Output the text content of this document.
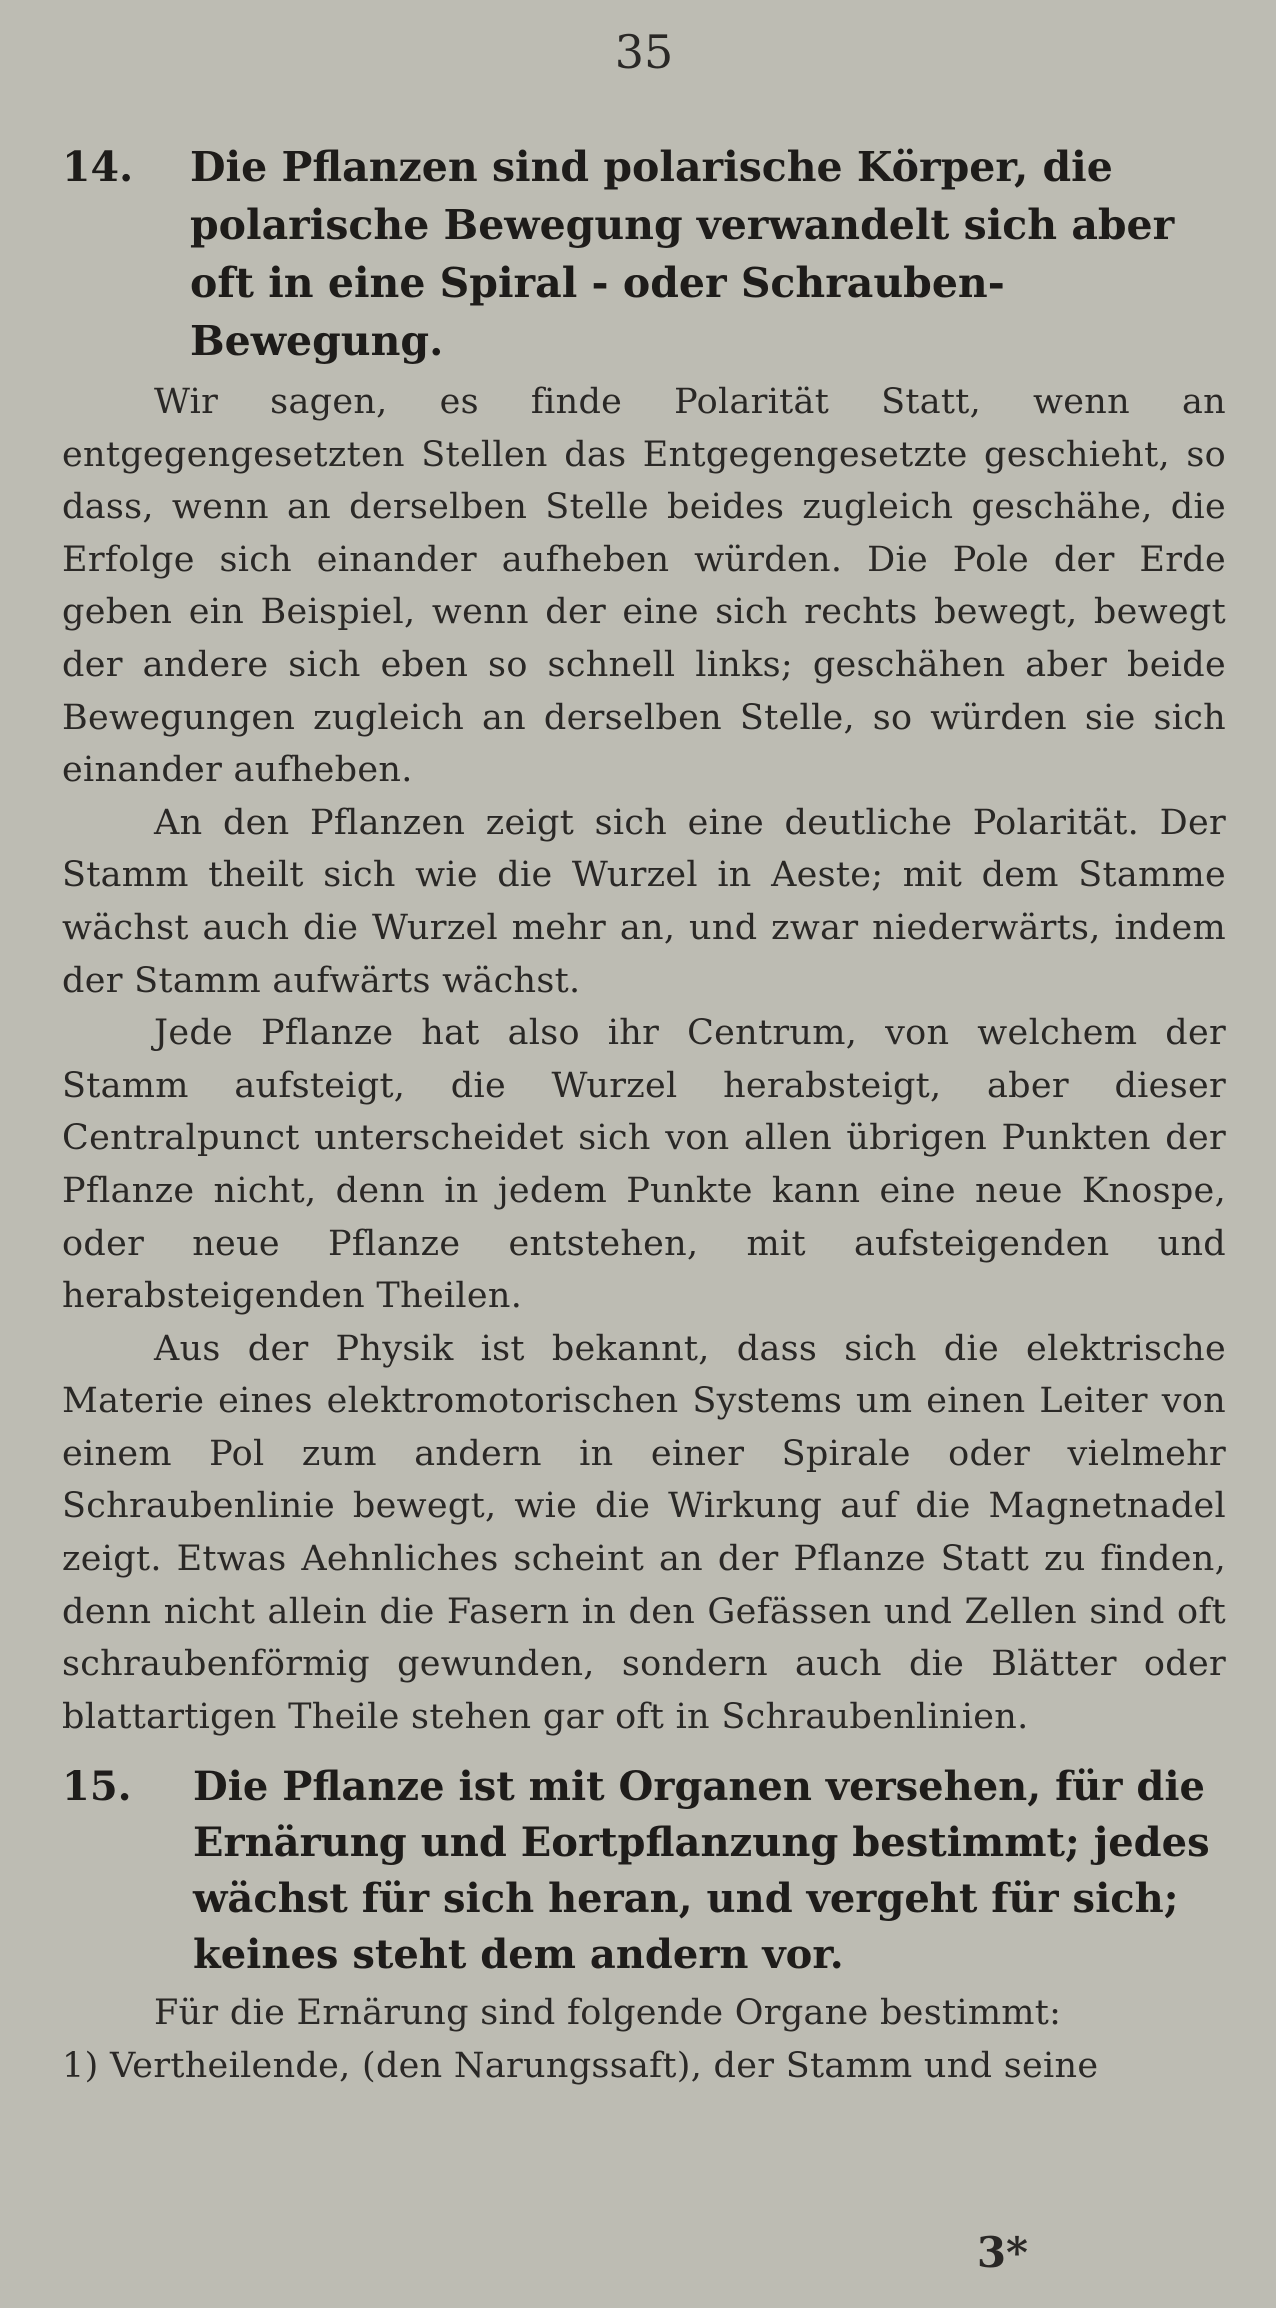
35
14.	Die Pflanzen sind polarische Körper, die polarische Bewegung verwandelt sich aber oft in eine Spiral - oder Schrauben-Bewegung.

Wir sagen, es finde Polarität Statt, wenn an entgegengesetzten Stellen das Entgegengesetzte geschieht, so dass, wenn an derselben Stelle beides zugleich geschähe, die Erfolge sich einander aufheben würden. Die Pole der Erde geben ein Beispiel, wenn der eine sich rechts bewegt, bewegt der andere sich eben so schnell links; geschähen aber beide Bewegungen zugleich an derselben Stelle, so würden sie sich einander aufheben.

An den Pflanzen zeigt sich eine deutliche Polarität. Der Stamm theilt sich wie die Wurzel in Aeste; mit dem Stamme wächst auch die Wurzel mehr an, und zwar niederwärts, indem der Stamm aufwärts wächst.

Jede Pflanze hat also ihr Centrum, von welchem der Stamm aufsteigt, die Wurzel herabsteigt, aber dieser Centralpunct unterscheidet sich von allen übrigen Punkten der Pflanze nicht, denn in jedem Punkte kann eine neue Knospe, oder neue Pflanze entstehen, mit aufsteigenden und herabsteigenden Theilen.

Aus der Physik ist bekannt, dass sich die elektrische Materie eines elektromotorischen Systems um einen Leiter von einem Pol zum andern in einer Spirale oder vielmehr Schraubenlinie bewegt, wie die Wirkung auf die Magnetnadel zeigt. Etwas Aehnliches scheint an der Pflanze Statt zu finden, denn nicht allein die Fasern in den Gefässen und Zellen sind oft schraubenförmig gewunden, sondern auch die Blätter oder blattartigen Theile stehen gar oft in Schraubenlinien.

15.	Die Pflanze ist mit Organen versehen, für die Ernärung und Eortpflanzung bestimmt; jedes wächst für sich heran, und vergeht für sich; keines steht dem andern vor.

Für die Ernärung sind folgende Organe bestimmt:

1) Vertheilende, (den Narungssaft), der Stamm und seine

3*
